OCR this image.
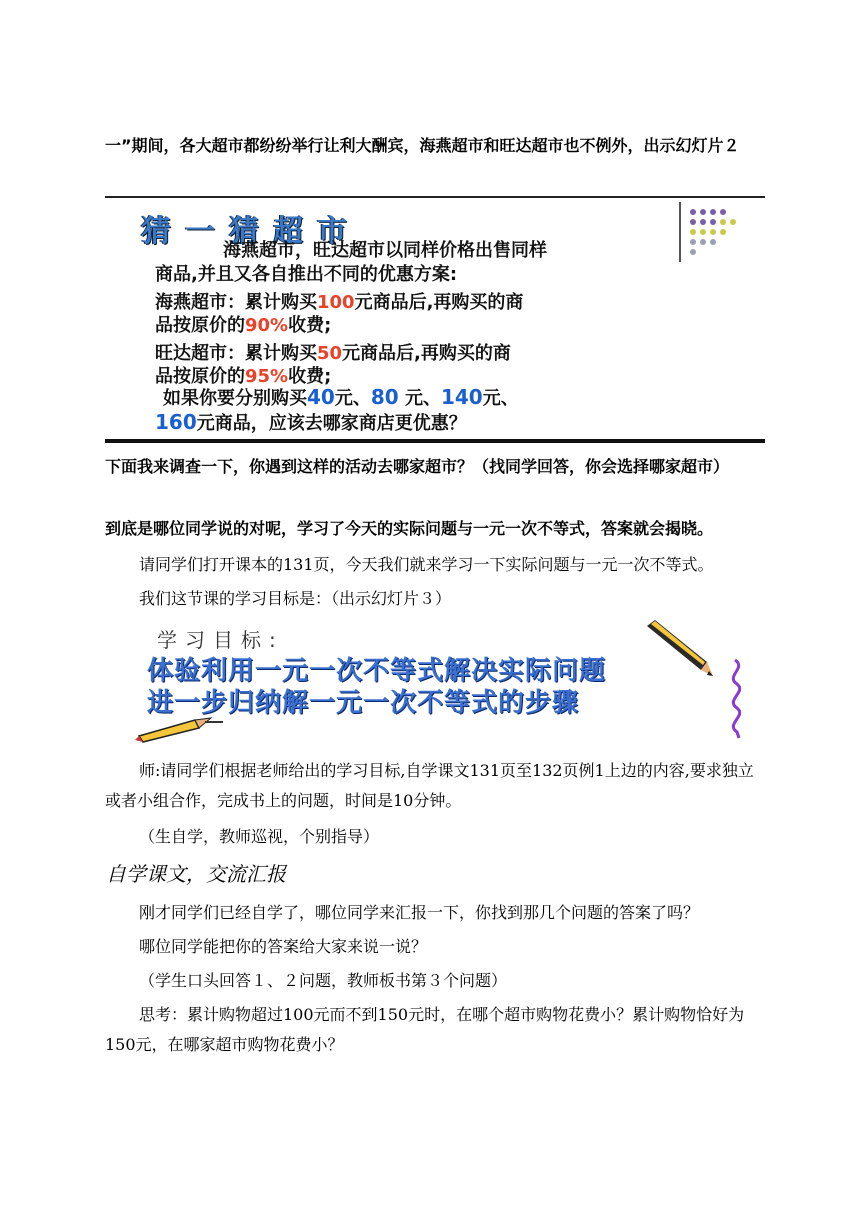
一”期间，各大超市都纷纷举行让利大酬宾，海燕超市和旺达超市也不例外，出示幻灯片２

猜一猜超市
海燕超市，旺达超市以同样价格出售同样
商品,并且又各自推出不同的优惠方案:
海燕超市：累计购买100元商品后,再购买的商
品按原价的90%收费;
旺达超市：累计购买50元商品后,再购买的商
品按原价的95%收费;
如果你要分别购买40元、80 元、140元、
160元商品，应该去哪家商店更优惠？

下面我来调查一下，你遇到这样的活动去哪家超市？（找同学回答，你会选择哪家超市）

到底是哪位同学说的对呢，学习了今天的实际问题与一元一次不等式，答案就会揭晓。

请同学们打开课本的131页，今天我们就来学习一下实际问题与一元一次不等式。

我们这节课的学习目标是：（出示幻灯片３）

学习目标:
体验利用一元一次不等式解决实际问题
进一步归纳解一元一次不等式的步骤

师:请同学们根据老师给出的学习目标,自学课文131页至132页例1上边的内容,要求独立或者小组合作，完成书上的问题，时间是10分钟。

（生自学，教师巡视，个别指导）

自学课文，交流汇报

刚才同学们已经自学了，哪位同学来汇报一下，你找到那几个问题的答案了吗？

哪位同学能把你的答案给大家来说一说？

（学生口头回答１、２问题，教师板书第３个问题）

思考：累计购物超过100元而不到150元时，在哪个超市购物花费小？累计购物恰好为150元，在哪家超市购物花费小？
